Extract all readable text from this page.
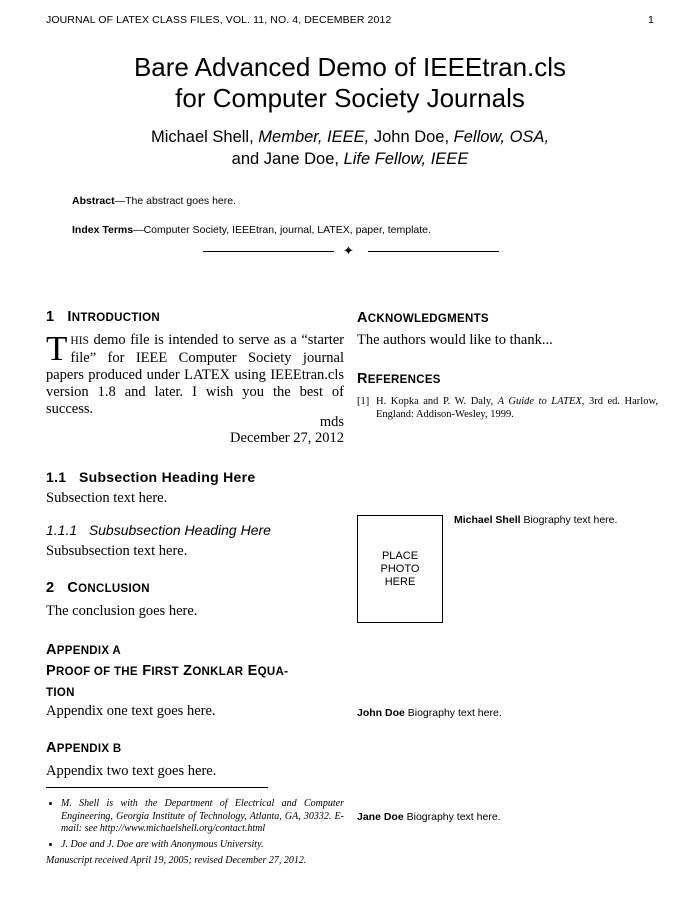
JOURNAL OF LATEX CLASS FILES, VOL. 11, NO. 4, DECEMBER 2012	1
Bare Advanced Demo of IEEEtran.cls
for Computer Society Journals
Michael Shell, Member, IEEE, John Doe, Fellow, OSA,
and Jane Doe, Life Fellow, IEEE
Abstract—The abstract goes here.
Index Terms—Computer Society, IEEEtran, journal, LATEX, paper, template.
✦
1 INTRODUCTION
THIS demo file is intended to serve as a “starter file” for IEEE Computer Society journal papers produced under LATEX using IEEEtran.cls version 1.8 and later. I wish you the best of success.
mds
December 27, 2012
1.1 Subsection Heading Here
Subsection text here.
1.1.1 Subsubsection Heading Here
Subsubsection text here.
2 CONCLUSION
The conclusion goes here.
APPENDIX A
PROOF OF THE FIRST ZONKLAR EQUA-
TION
Appendix one text goes here.
APPENDIX B
Appendix two text goes here.
• M. Shell is with the Department of Electrical and Computer Engineering, Georgia Institute of Technology, Atlanta, GA, 30332. E-mail: see http://www.michaelshell.org/contact.html
• J. Doe and J. Doe are with Anonymous University.
Manuscript received April 19, 2005; revised December 27, 2012.
ACKNOWLEDGMENTS
The authors would like to thank...
REFERENCES
[1] H. Kopka and P. W. Daly, A Guide to LATEX, 3rd ed. Harlow, England: Addison-Wesley, 1999.
PLACE
PHOTO
HERE
Michael Shell Biography text here.
John Doe Biography text here.
Jane Doe Biography text here.
